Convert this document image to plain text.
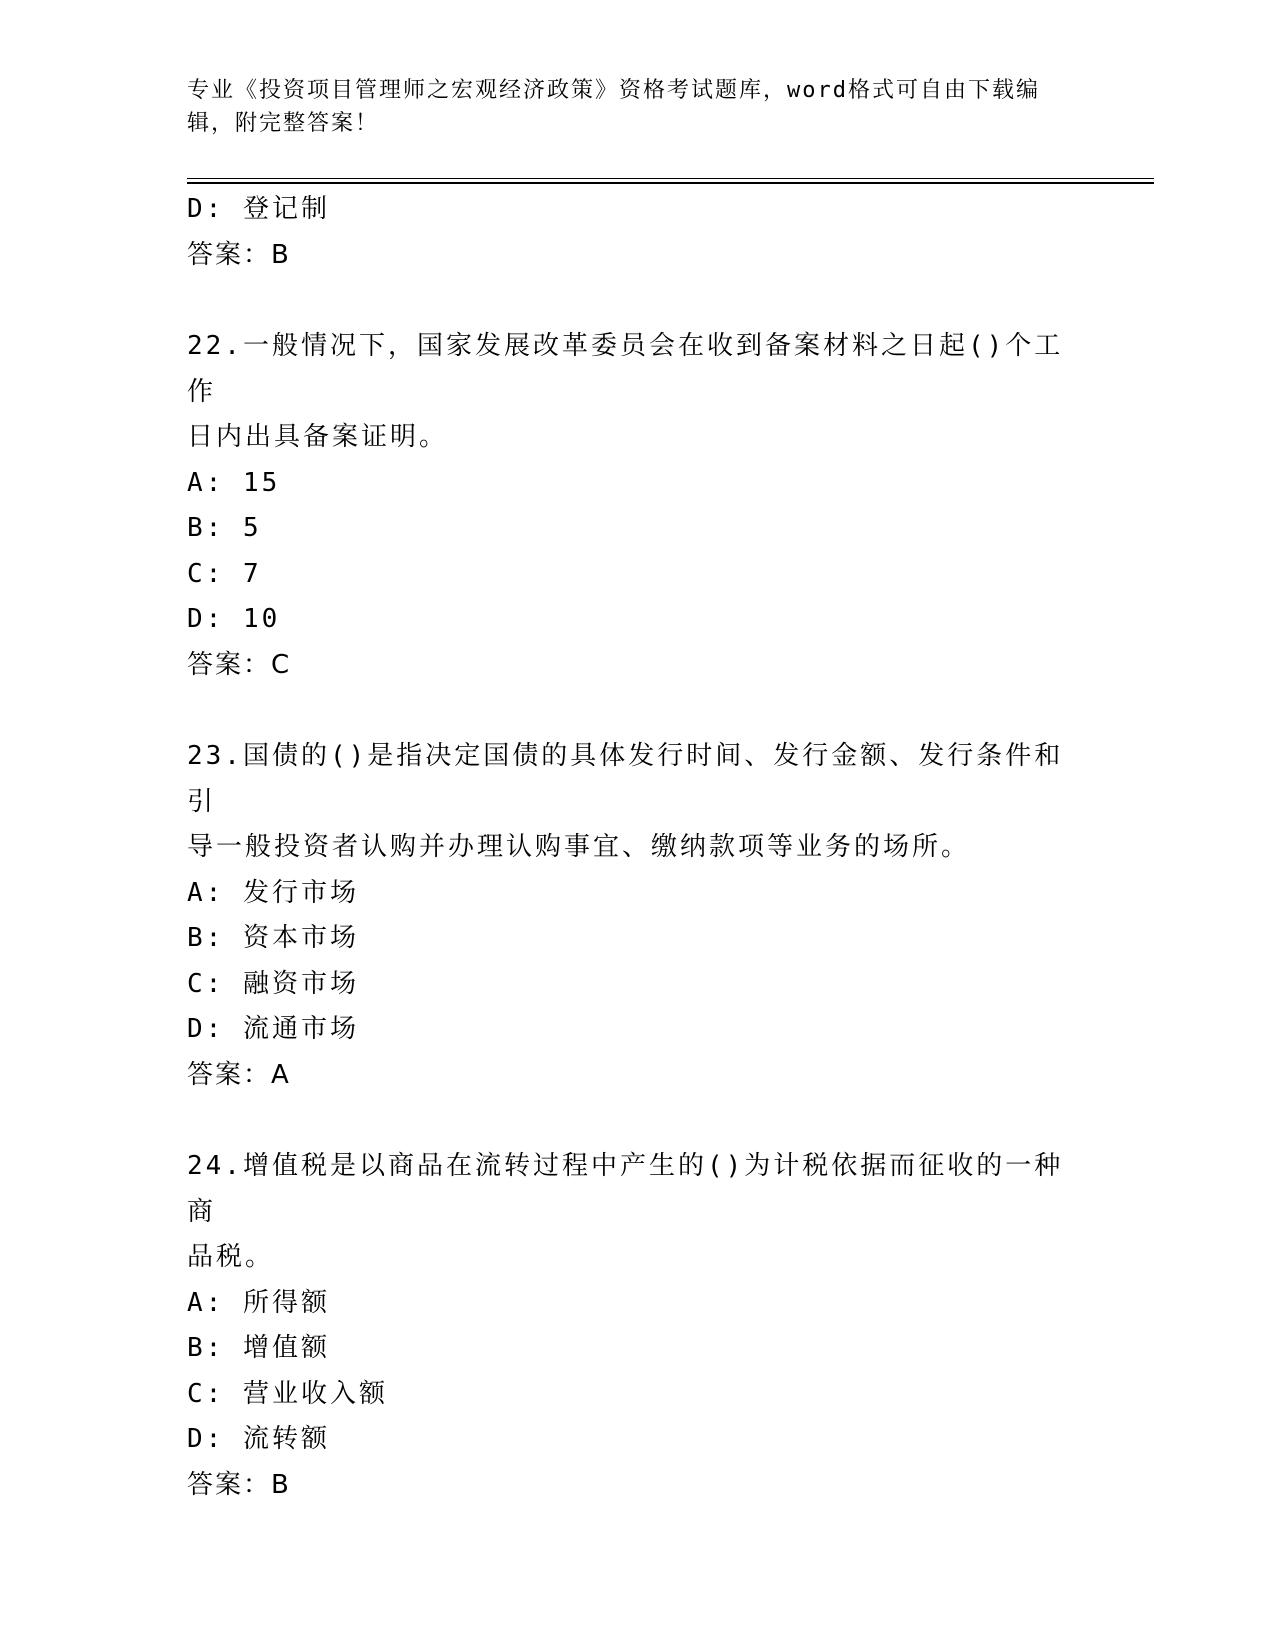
专业《投资项目管理师之宏观经济政策》资格考试题库，word格式可自由下载编
辑，附完整答案！

D: 登记制

答案：B

22.一般情况下，国家发展改革委员会在收到备案材料之日起()个工作

日内出具备案证明。

A: 15

B: 5

C: 7

D: 10

答案：C

23.国债的()是指决定国债的具体发行时间、发行金额、发行条件和引

导一般投资者认购并办理认购事宜、缴纳款项等业务的场所。

A: 发行市场

B: 资本市场

C: 融资市场

D: 流通市场

答案：A

24.增值税是以商品在流转过程中产生的()为计税依据而征收的一种商

品税。

A: 所得额

B: 增值额

C: 营业收入额

D: 流转额

答案：B
